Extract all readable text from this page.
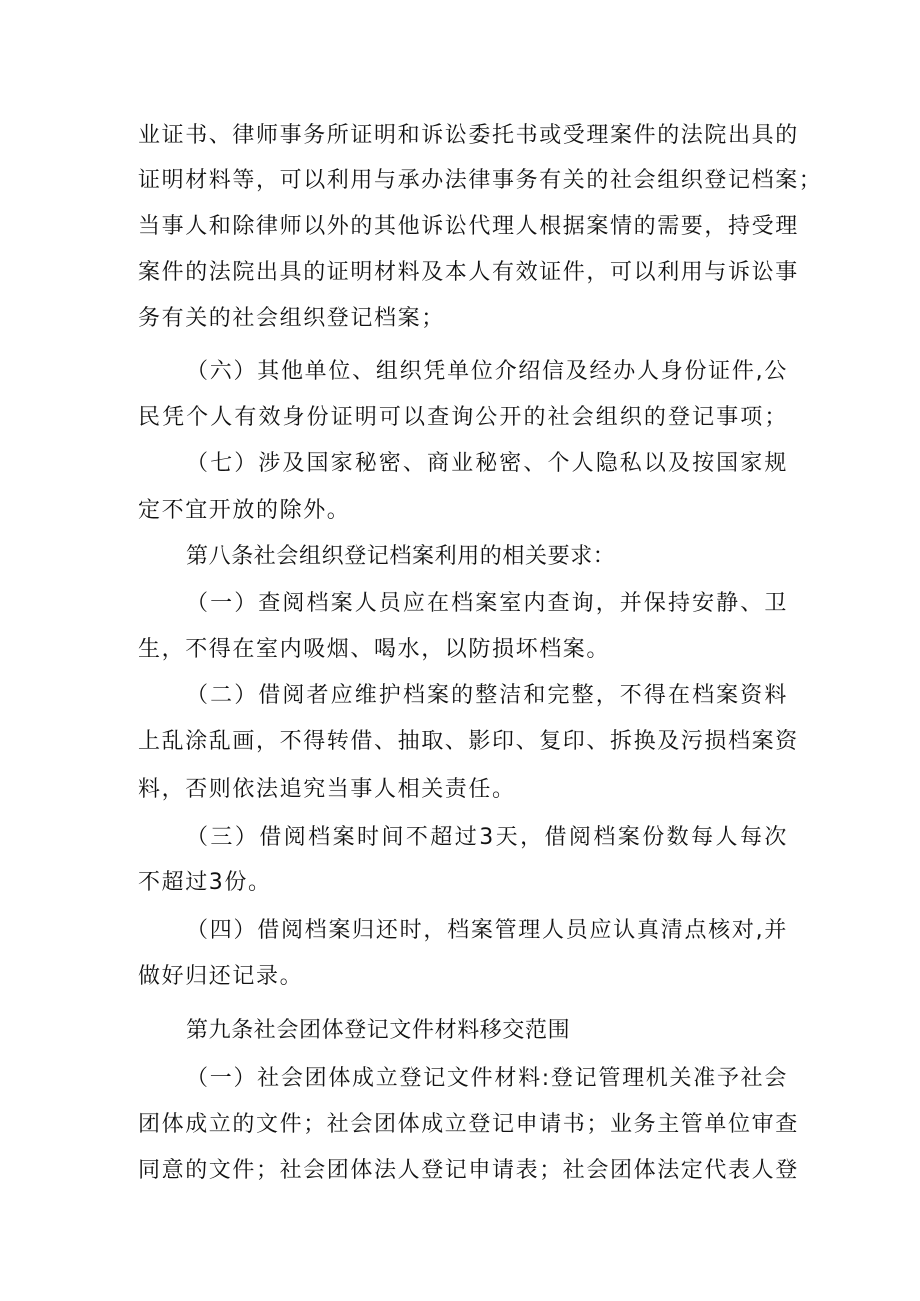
业证书、律师事务所证明和诉讼委托书或受理案件的法院出具的
证明材料等，可以利用与承办法律事务有关的社会组织登记档案；
当事人和除律师以外的其他诉讼代理人根据案情的需要，持受理
案件的法院出具的证明材料及本人有效证件，可以利用与诉讼事
务有关的社会组织登记档案；
（六）其他单位、组织凭单位介绍信及经办人身份证件,公
民凭个人有效身份证明可以查询公开的社会组织的登记事项；
（七）涉及国家秘密、商业秘密、个人隐私以及按国家规
定不宜开放的除外。
第八条社会组织登记档案利用的相关要求：
（一）查阅档案人员应在档案室内查询，并保持安静、卫
生，不得在室内吸烟、喝水，以防损坏档案。
（二）借阅者应维护档案的整洁和完整，不得在档案资料
上乱涂乱画，不得转借、抽取、影印、复印、拆换及污损档案资
料，否则依法追究当事人相关责任。
（三）借阅档案时间不超过3天，借阅档案份数每人每次
不超过3份。
（四）借阅档案归还时，档案管理人员应认真清点核对,并
做好归还记录。
第九条社会团体登记文件材料移交范围
（一）社会团体成立登记文件材料:登记管理机关准予社会
团体成立的文件；社会团体成立登记申请书；业务主管单位审查
同意的文件；社会团体法人登记申请表；社会团体法定代表人登
